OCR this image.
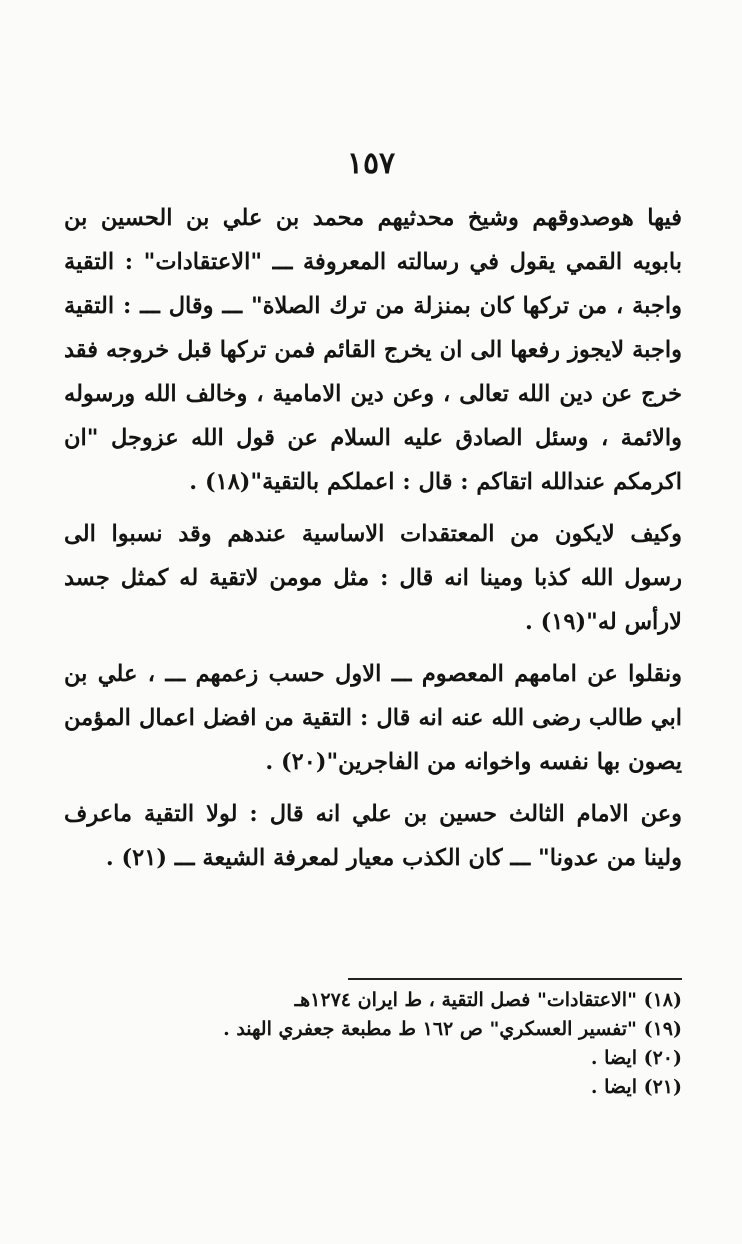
١٥٧

فيها هوصدوقهم وشيخ محدثيهم محمد بن علي بن الحسين بن بابويه القمي يقول في رسالته المعروفة ـــ "الاعتقادات" : التقية واجبة ، من تركها كان بمنزلة من ترك الصلاة" ـــ وقال ـــ : التقية واجبة لايجوز رفعها الى ان يخرج القائم فمن تركها قبل خروجه فقد خرج عن دين الله تعالى ، وعن دين الامامية ، وخالف الله ورسوله والائمة ، وسئل الصادق عليه السلام عن قول الله عزوجل "ان اكرمكم عندالله اتقاكم : قال : اعملكم بالتقية"(١٨) .

وكيف لايكون من المعتقدات الاساسية عندهم وقد نسبوا الى رسول الله كذبا ومينا انه قال : مثل مومن لاتقية له كمثل جسد لارأس له"(١٩) .

ونقلوا عن امامهم المعصوم ـــ الاول حسب زعمهم ـــ ، علي بن ابي طالب رضى الله عنه انه قال : التقية من افضل اعمال المؤمن يصون بها نفسه واخوانه من الفاجرين"(٢٠) .

وعن الامام الثالث حسين بن علي انه قال : لولا التقية ماعرف ولينا من عدونا" ـــ كان الكذب معيار لمعرفة الشيعة ـــ (٢١) .

(١٨) "الاعتقادات" فصل التقية ، ط ايران ١٢٧٤هـ

(١٩) "تفسير العسكري" ص ١٦٢ ط مطبعة جعفري الهند .

(٢٠) ايضا .

(٢١) ايضا .
